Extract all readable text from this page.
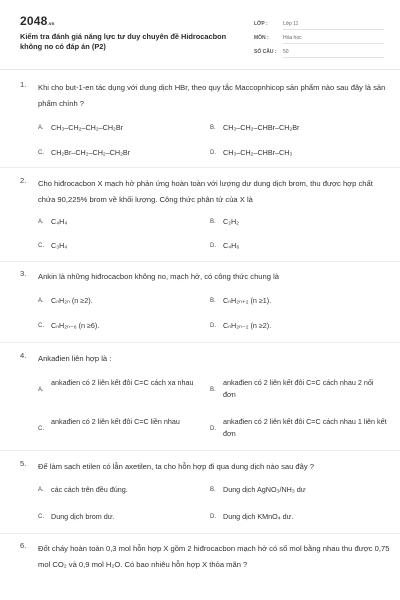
2048.vn
Kiểm tra đánh giá năng lực tư duy chuyên đề Hidrocacbon không no có đáp án (P2)
LỚP :	Lớp 11
MÔN :	Hóa học
SỐ CÂU :	50
1.	Khi cho but-1-en tác dụng với dung dịch HBr, theo quy tắc Maccopnhicop sản phẩm nào sau đây là sản phẩm chính ?
A.	CH₃–CH₂–CH₂–CH₂Br	B.	CH₃–CH₂–CHBr–CH₂Br
C. CH₂Br–CH₂–CH₂–CH₂Br	D. CH₃–CH₂–CHBr–CH₃
2.	Cho hiđrocacbon X mạch hở phản ứng hoàn toàn với lượng dư dung dịch brom, thu được hợp chất chứa 90,225% brom về khối lượng. Công thức phân tử của X là
A.	C₄H₄	B.	C₂H₂
C. C₃H₄	D. C₄H₆
3.	Ankin là những hiđrocacbon không no, mạch hở, có công thức chung là
A.	CₙH₂ₙ (n ≥2).	B.	CₙH₂ₙ₊₂ (n ≥1).
C. CₙH₂ₙ₋₆ (n ≥6).	D. CₙH₂ₙ₋₂ (n ≥2).
4.	Ankađien liên hợp là :
A.
ankađien có 2 liên kết đôi C=C cách xa nhau
B.
ankađien có 2 liên kết đôi C=C cách nhau 2 nối đơn
C.
ankađien có 2 liên kết đôi C=C liền nhau
D.
ankađien có 2 liên kết đôi C=C cách nhau 1 liên kết đơn
5.	Để làm sạch etilen có lẫn axetilen, ta cho hỗn hợp đi qua dung dịch nào sau đây ?
A.	các cách trên đều đúng.	B.	Dung dịch AgNO₃/NH₃ dư
C. Dung dịch brom dư.	D. Dung dịch KMnO₄ dư.
6.	Đốt cháy hoàn toàn 0,3 mol hỗn hợp X gồm 2 hiđrocacbon mạch hở có số mol bằng nhau thu được 0,75 mol CO₂ và 0,9 mol H₂O. Có bao nhiêu hỗn hợp X thỏa mãn ?
